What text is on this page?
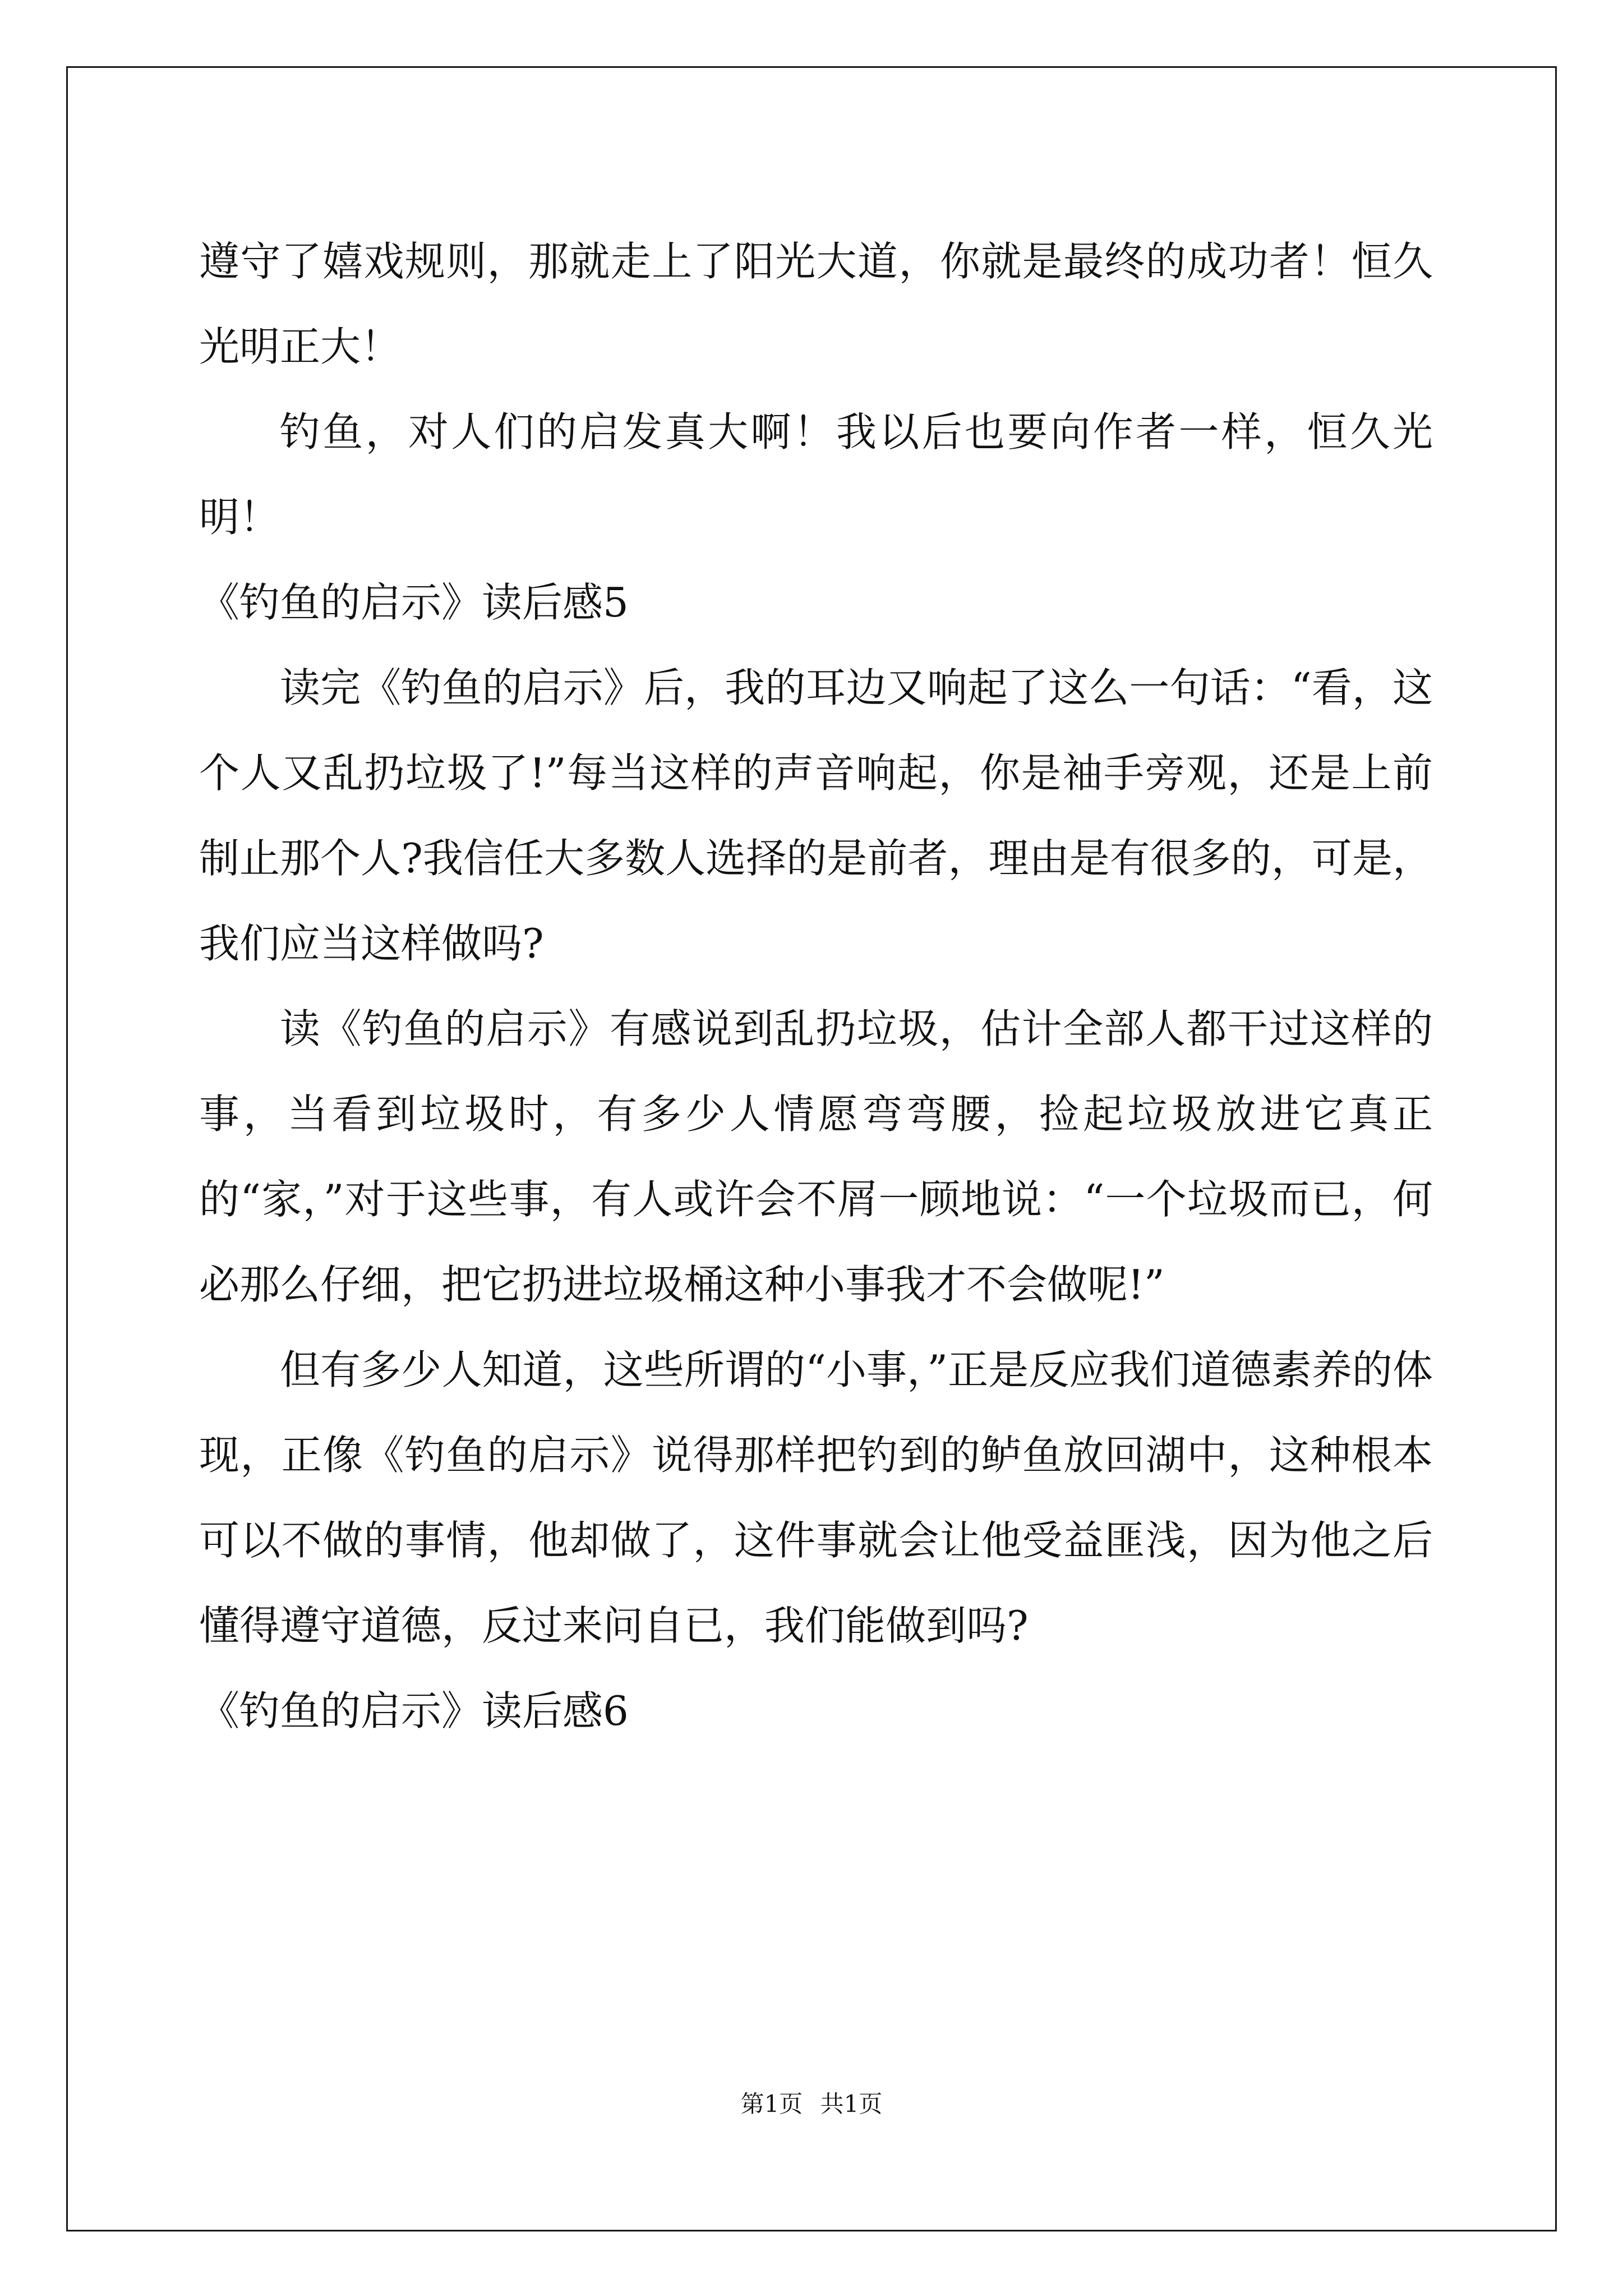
遵守了嬉戏规则，那就走上了阳光大道，你就是最终的成功者！恒久光明正大！

钓鱼，对人们的启发真大啊！我以后也要向作者一样，恒久光明！

《钓鱼的启示》读后感5

读完《钓鱼的启示》后，我的耳边又响起了这么一句话：“看，这个人又乱扔垃圾了!”每当这样的声音响起，你是袖手旁观，还是上前制止那个人?我信任大多数人选择的是前者，理由是有很多的，可是，我们应当这样做吗?

读《钓鱼的启示》有感说到乱扔垃圾，估计全部人都干过这样的事，当看到垃圾时，有多少人情愿弯弯腰，捡起垃圾放进它真正的“家，”对于这些事，有人或许会不屑一顾地说：“一个垃圾而已，何必那么仔细，把它扔进垃圾桶这种小事我才不会做呢!”

但有多少人知道，这些所谓的“小事，”正是反应我们道德素养的体现，正像《钓鱼的启示》说得那样把钓到的鲈鱼放回湖中，这种根本可以不做的事情，他却做了，这件事就会让他受益匪浅，因为他之后懂得遵守道德，反过来问自已，我们能做到吗?

《钓鱼的启示》读后感6

第1页 共1页
